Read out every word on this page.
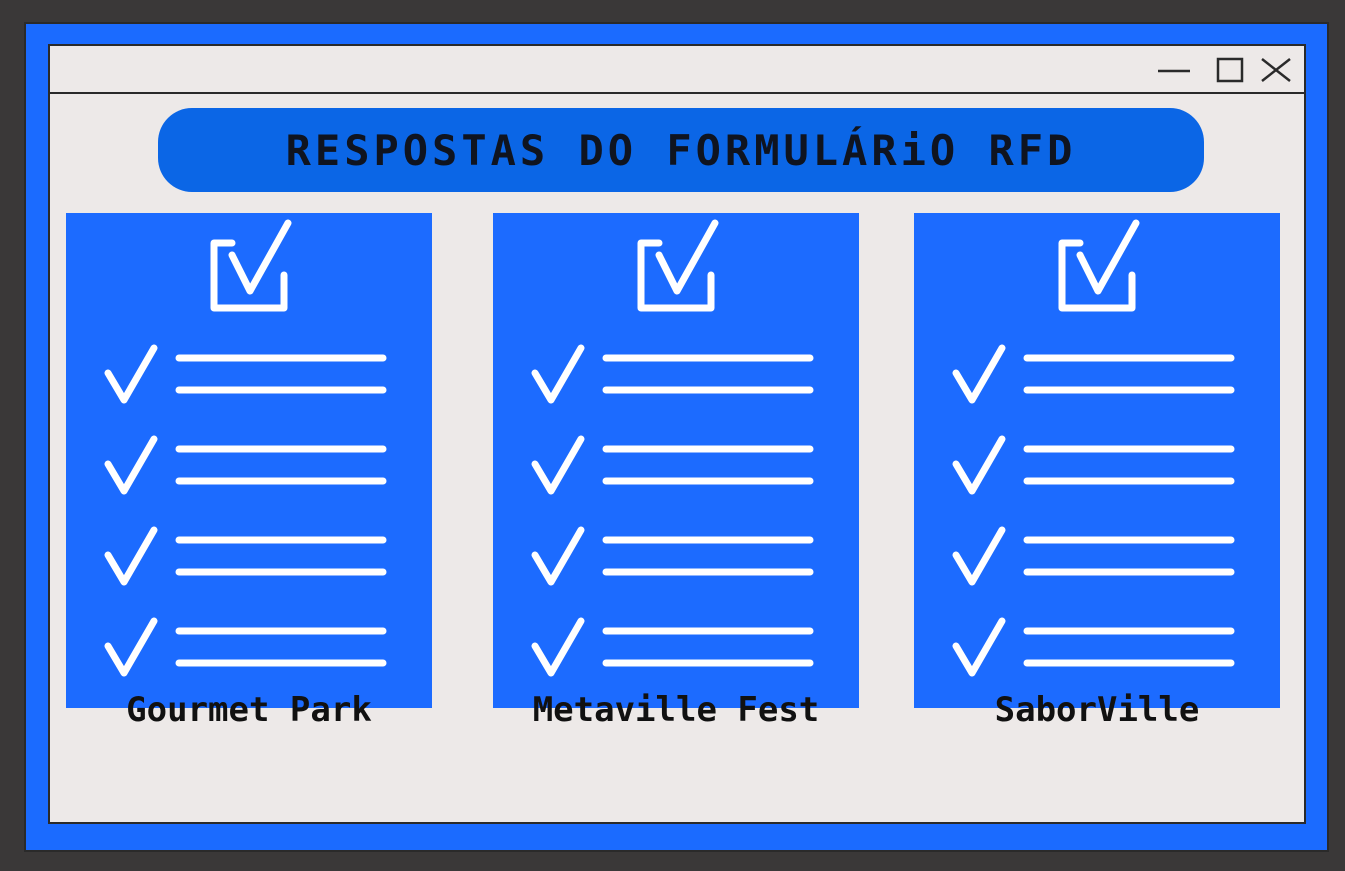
RESPOSTAS DO FORMULÁRiO RFD
Gourmet Park	Metaville Fest	SaborVille
